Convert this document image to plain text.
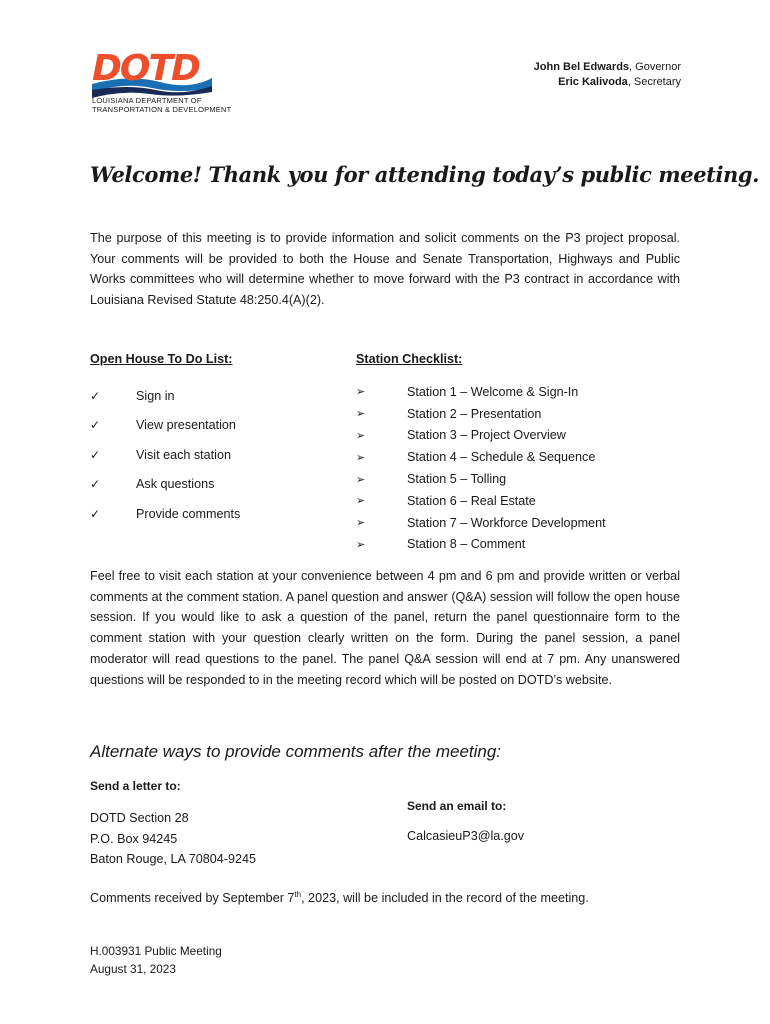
DOTD
LOUISIANA DEPARTMENT OF
TRANSPORTATION & DEVELOPMENT
John Bel Edwards, Governor
Eric Kalivoda, Secretary
Welcome! Thank you for attending today’s public meeting.
The purpose of this meeting is to provide information and solicit comments on the P3 project proposal. Your comments will be provided to both the House and Senate Transportation, Highways and Public Works committees who will determine whether to move forward with the P3 contract in accordance with Louisiana Revised Statute 48:250.4(A)(2).
Open House To Do List:	Station Checklist:
✓	Sign in
✓	View presentation
✓	Visit each station
✓	Ask questions
✓	Provide comments
➢	Station 1 – Welcome & Sign-In
➢	Station 2 – Presentation
➢	Station 3 – Project Overview
➢	Station 4 – Schedule & Sequence
➢	Station 5 – Tolling
➢	Station 6 – Real Estate
➢	Station 7 – Workforce Development
➢	Station 8 – Comment
Feel free to visit each station at your convenience between 4 pm and 6 pm and provide written or verbal comments at the comment station. A panel question and answer (Q&A) session will follow the open house session. If you would like to ask a question of the panel, return the panel questionnaire form to the comment station with your question clearly written on the form. During the panel session, a panel moderator will read questions to the panel. The panel Q&A session will end at 7 pm. Any unanswered questions will be responded to in the meeting record which will be posted on DOTD’s website.
Alternate ways to provide comments after the meeting:
Send a letter to:
DOTD Section 28
P.O. Box 94245
Baton Rouge, LA 70804-9245
Send an email to:
CalcasieuP3@la.gov
Comments received by September 7th, 2023, will be included in the record of the meeting.
H.003931 Public Meeting
August 31, 2023
